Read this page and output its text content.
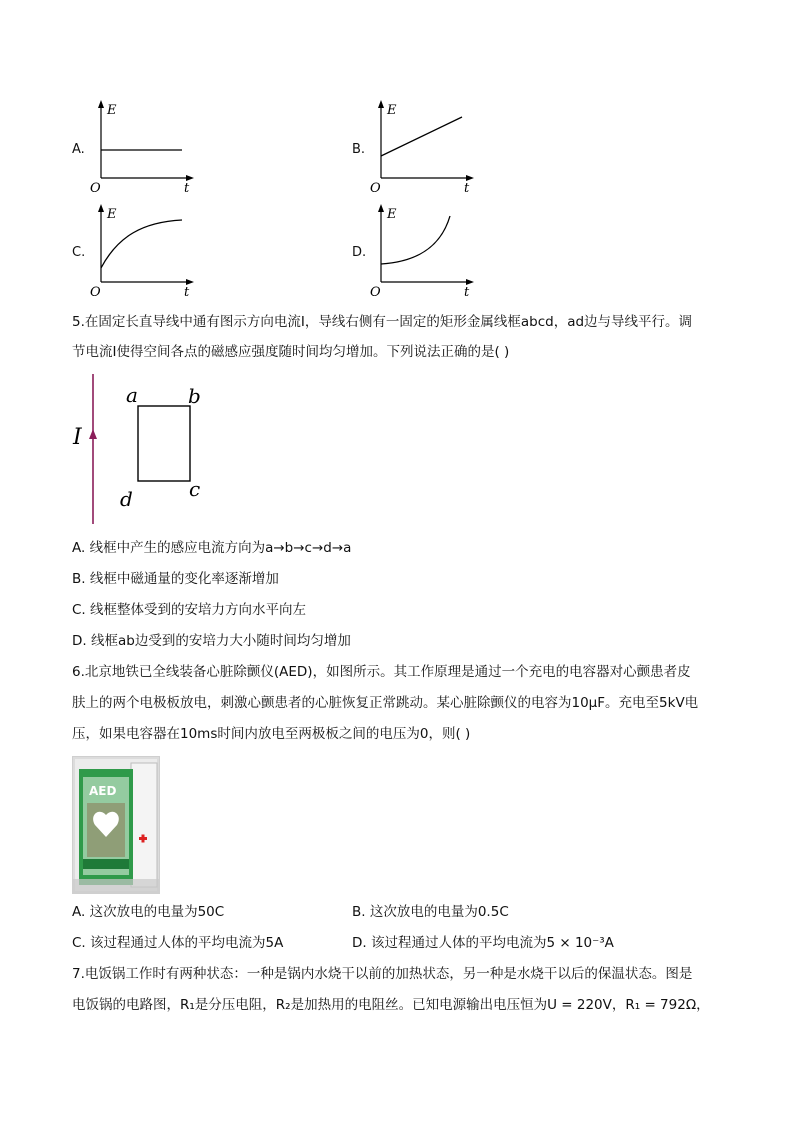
A.
E
t
O
B.
E
t
O
C.
E
t
O
D.
E
t
O
5.在固定长直导线中通有图示方向电流I，导线右侧有一固定的矩形金属线框abcd，ad边与导线平行。调
节电流I使得空间各点的磁感应强度随时间均匀增加。下列说法正确的是( )
I
a	b
c
d
A. 线框中产生的感应电流方向为a→b→c→d→a
B. 线框中磁通量的变化率逐渐增加
C. 线框整体受到的安培力方向水平向左
D. 线框ab边受到的安培力大小随时间均匀增加
6.北京地铁已全线装备心脏除颤仪(AED)，如图所示。其工作原理是通过一个充电的电容器对心颤患者皮
肤上的两个电极板放电，刺激心颤患者的心脏恢复正常跳动。某心脏除颤仪的电容为10μF。充电至5kV电
压，如果电容器在10ms时间内放电至两极板之间的电压为0，则( )
AED
A. 这次放电的电量为50C	B. 这次放电的电量为0.5C
C. 该过程通过人体的平均电流为5A	D. 该过程通过人体的平均电流为5 × 10⁻³A
7.电饭锅工作时有两种状态：一种是锅内水烧干以前的加热状态，另一种是水烧干以后的保温状态。图是
电饭锅的电路图，R₁是分压电阻，R₂是加热用的电阻丝。已知电源输出电压恒为U = 220V，R₁ = 792Ω，
